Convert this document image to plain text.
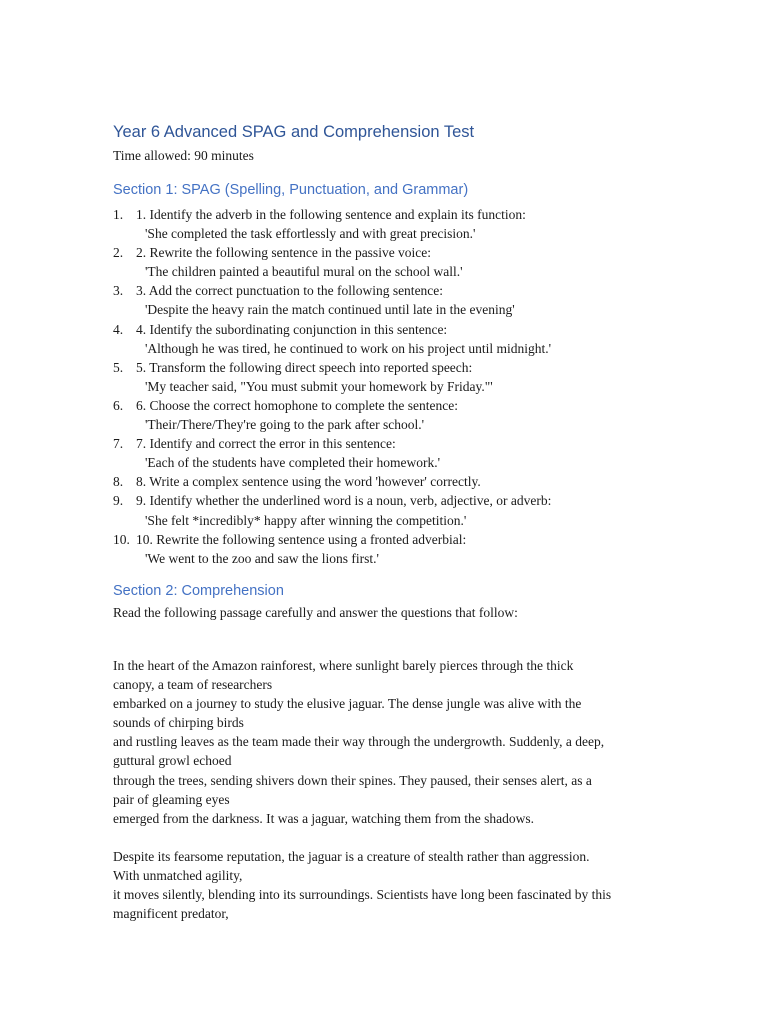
Year 6 Advanced SPAG and Comprehension Test
Time allowed: 90 minutes
Section 1: SPAG (Spelling, Punctuation, and Grammar)
1. 1. Identify the adverb in the following sentence and explain its function:
'She completed the task effortlessly and with great precision.'
2. 2. Rewrite the following sentence in the passive voice:
'The children painted a beautiful mural on the school wall.'
3. 3. Add the correct punctuation to the following sentence:
'Despite the heavy rain the match continued until late in the evening'
4. 4. Identify the subordinating conjunction in this sentence:
'Although he was tired, he continued to work on his project until midnight.'
5. 5. Transform the following direct speech into reported speech:
'My teacher said, "You must submit your homework by Friday."'
6. 6. Choose the correct homophone to complete the sentence:
'Their/There/They're going to the park after school.'
7. 7. Identify and correct the error in this sentence:
'Each of the students have completed their homework.'
8. 8. Write a complex sentence using the word 'however' correctly.
9. 9. Identify whether the underlined word is a noun, verb, adjective, or adverb:
'She felt *incredibly* happy after winning the competition.'
10. 10. Rewrite the following sentence using a fronted adverbial:
'We went to the zoo and saw the lions first.'
Section 2: Comprehension
Read the following passage carefully and answer the questions that follow:

In the heart of the Amazon rainforest, where sunlight barely pierces through the thick
canopy, a team of researchers
embarked on a journey to study the elusive jaguar. The dense jungle was alive with the
sounds of chirping birds
and rustling leaves as the team made their way through the undergrowth. Suddenly, a deep,
guttural growl echoed
through the trees, sending shivers down their spines. They paused, their senses alert, as a
pair of gleaming eyes
emerged from the darkness. It was a jaguar, watching them from the shadows.

Despite its fearsome reputation, the jaguar is a creature of stealth rather than aggression.
With unmatched agility,
it moves silently, blending into its surroundings. Scientists have long been fascinated by this
magnificent predator,
